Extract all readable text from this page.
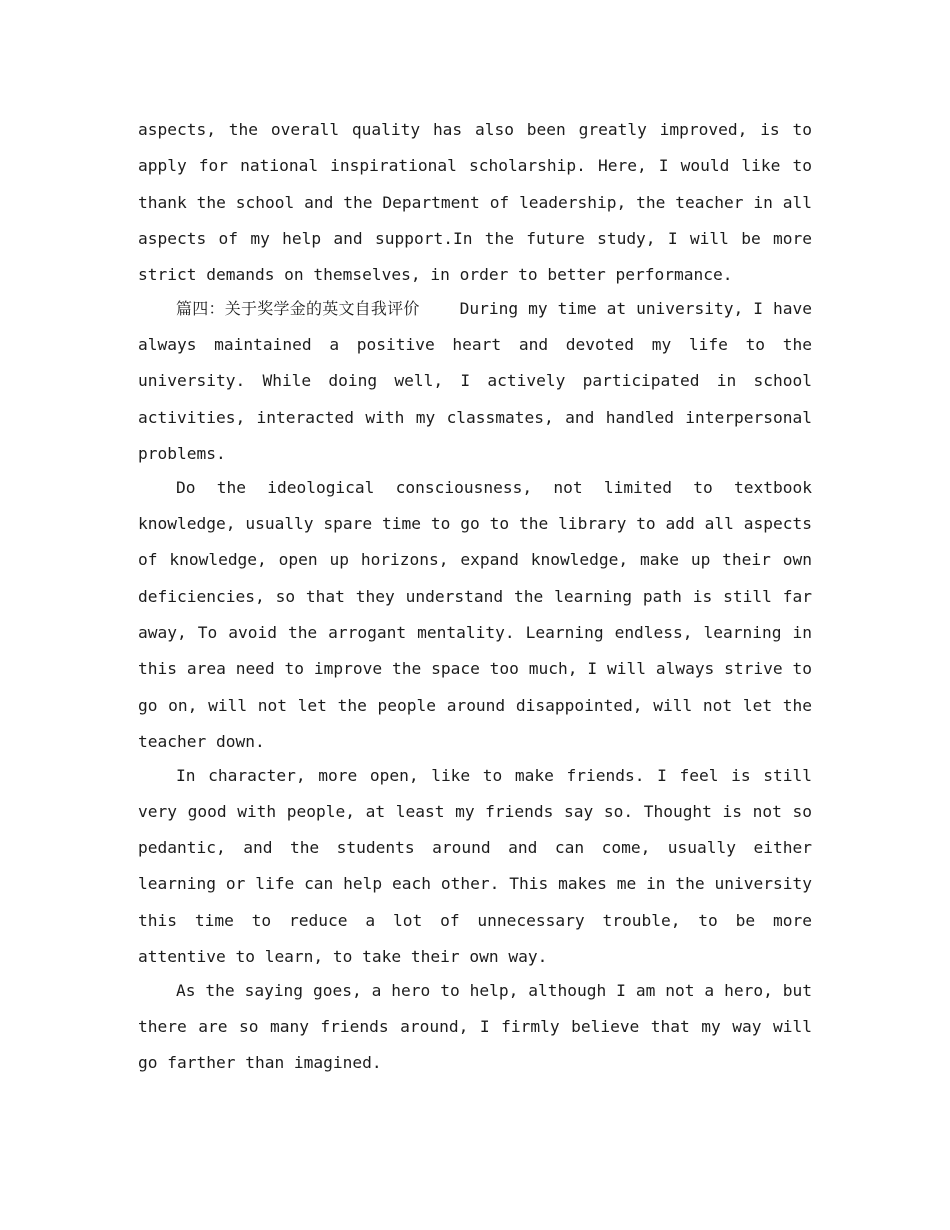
aspects, the overall quality has also been greatly improved, is to apply for national inspirational scholarship. Here, I would like to thank the school and the Department of leadership, the teacher in all aspects of my help and support.In the future study, I will be more strict demands on themselves, in order to better performance.

篇四：关于奖学金的英文自我评价 During my time at university, I have always maintained a positive heart and devoted my life to the university. While doing well, I actively participated in school activities, interacted with my classmates, and handled interpersonal problems.

Do the ideological consciousness, not limited to textbook knowledge, usually spare time to go to the library to add all aspects of knowledge, open up horizons, expand knowledge, make up their own deficiencies, so that they understand the learning path is still far away, To avoid the arrogant mentality. Learning endless, learning in this area need to improve the space too much, I will always strive to go on, will not let the people around disappointed, will not let the teacher down.

In character, more open, like to make friends. I feel is still very good with people, at least my friends say so. Thought is not so pedantic, and the students around and can come, usually either learning or life can help each other. This makes me in the university this time to reduce a lot of unnecessary trouble, to be more attentive to learn, to take their own way.

As the saying goes, a hero to help, although I am not a hero, but there are so many friends around, I firmly believe that my way will go farther than imagined.
